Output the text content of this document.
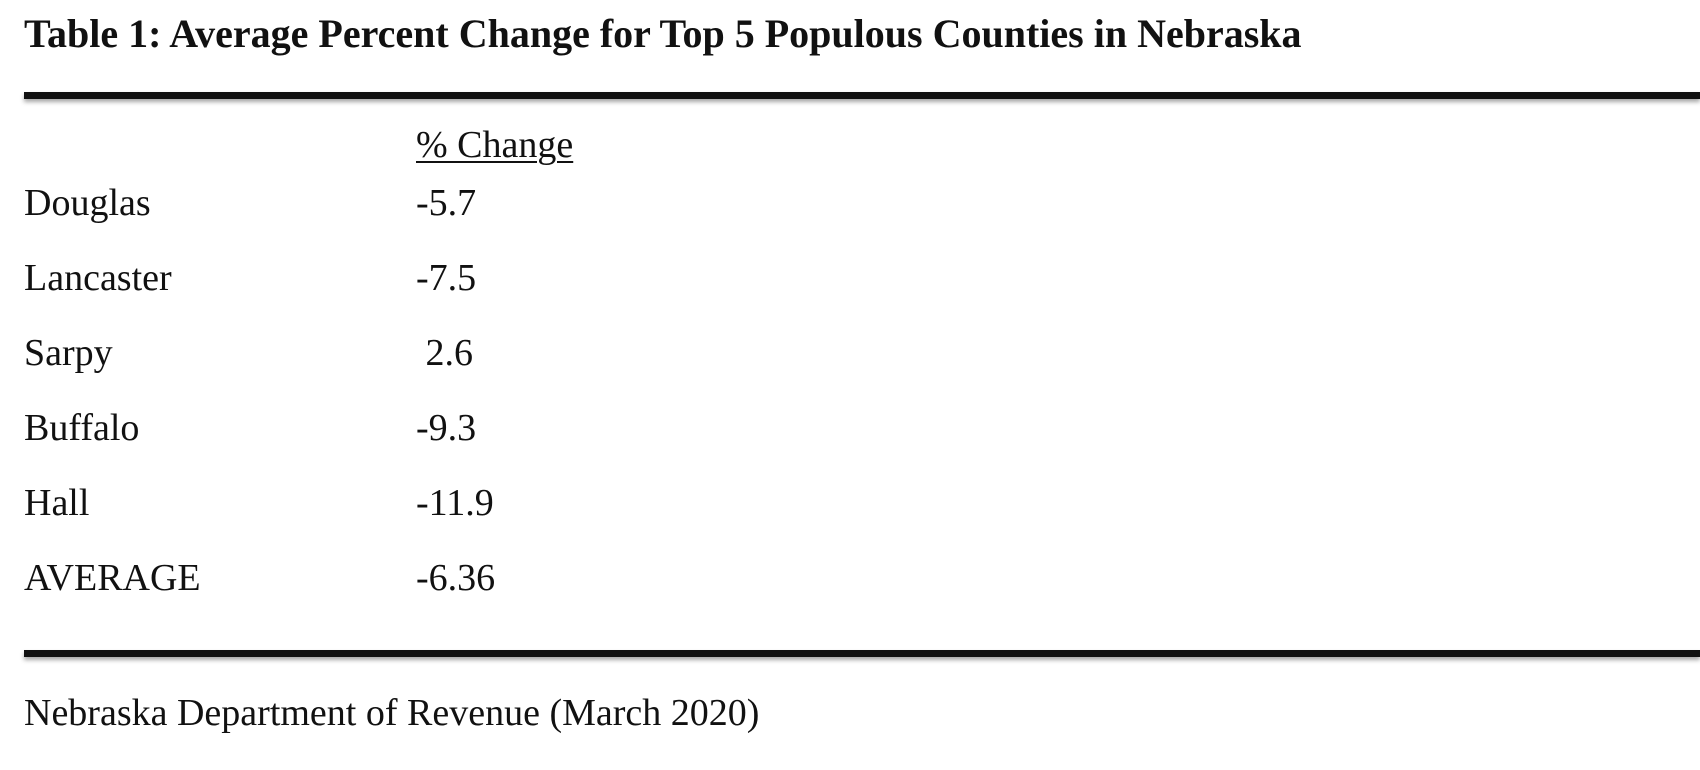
Table 1: Average Percent Change for Top 5 Populous Counties in Nebraska
% Change
Douglas	-5.7
Lancaster	-7.5
Sarpy	2.6
Buffalo	-9.3
Hall	-11.9
AVERAGE	-6.36
Nebraska Department of Revenue (March 2020)
